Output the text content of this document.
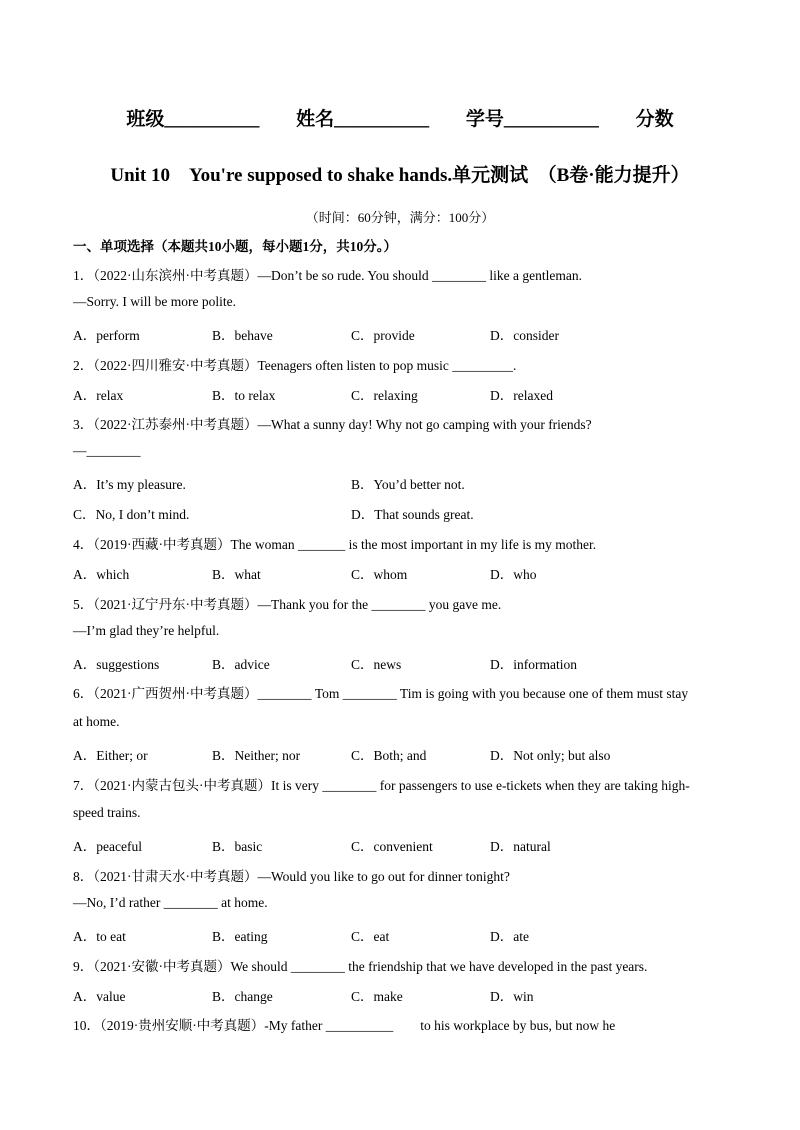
班级__________ 姓名__________ 学号__________ 分数
Unit 10　You're supposed to shake hands.单元测试　（B卷·能力提升）
（时间：60分钟，满分：100分）
一、单项选择（本题共10小题，每小题1分，共10分。）
1．（2022·山东滨州·中考真题）—Don’t be so rude. You should ________ like a gentleman.
—Sorry. I will be more polite.
A．perform	B．behave	C．provide	D．consider
2．（2022·四川雅安·中考真题）Teenagers often listen to pop music _________.
A．relax	B．to relax	C．relaxing	D．relaxed
3．（2022·江苏泰州·中考真题）—What a sunny day! Why not go camping with your friends?
—________
A．It’s my pleasure.	B．You’d better not.
C．No, I don’t mind.	D．That sounds great.
4．（2019·西藏·中考真题）The woman _______ is the most important in my life is my mother.
A．which	B．what	C．whom	D．who
5．（2021·辽宁丹东·中考真题）—Thank you for the ________ you gave me.
—I’m glad they’re helpful.
A．suggestions	B．advice	C．news	D．information
6．（2021·广西贺州·中考真题）________ Tom ________ Tim is going with you because one of them must stay
at home.
A．Either; or	B．Neither; nor	C．Both; and	D．Not only; but also
7．（2021·内蒙古包头·中考真题）It is very ________ for passengers to use e-tickets when they are taking high-
speed trains.
A．peaceful	B．basic	C．convenient	D．natural
8．（2021·甘肃天水·中考真题）—Would you like to go out for dinner tonight?
—No, I’d rather ________ at home.
A．to eat	B．eating	C．eat	D．ate
9．（2021·安徽·中考真题）We should ________ the friendship that we have developed in the past years.
A．value	B．change	C．make	D．win
10．（2019·贵州安顺·中考真题）-My father __________　　to his workplace by bus, but now he
